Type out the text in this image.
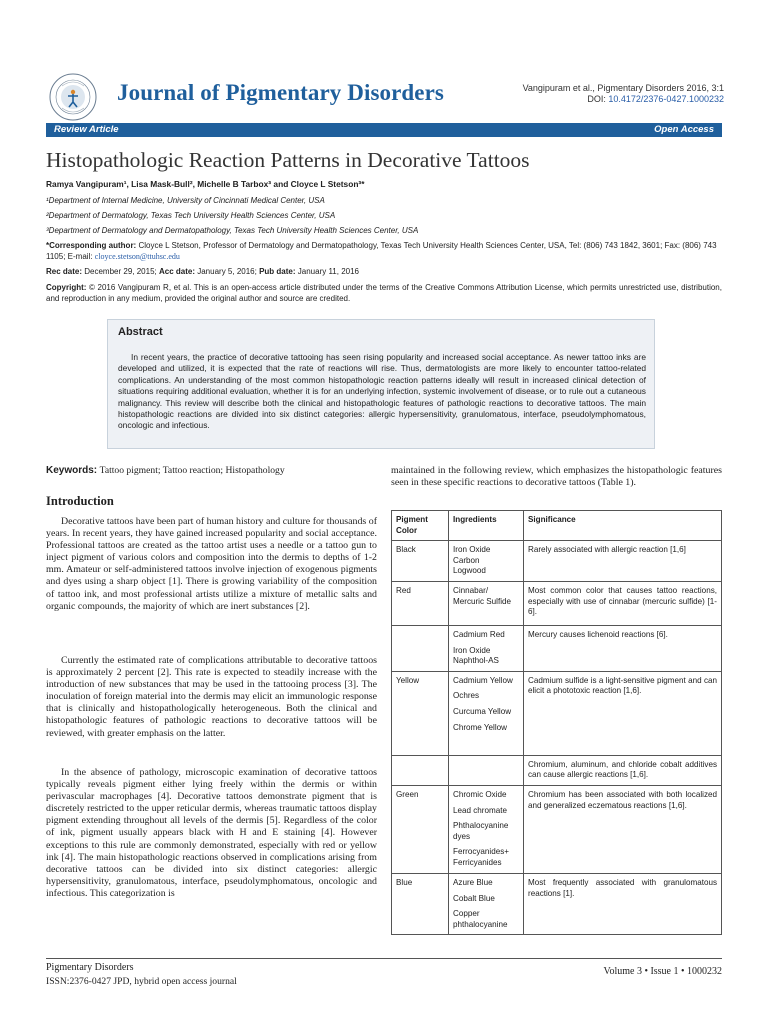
Journal of Pigmentary Disorders	Vangipuram et al., Pigmentary Disorders 2016, 3:1
DOI: 10.4172/2376-0427.1000232
Review Article	Open Access
Histopathologic Reaction Patterns in Decorative Tattoos
Ramya Vangipuram¹, Lisa Mask-Bull², Michelle B Tarbox³ and Cloyce L Stetson³*
¹Department of Internal Medicine, University of Cincinnati Medical Center, USA
²Department of Dermatology, Texas Tech University Health Sciences Center, USA
³Department of Dermatology and Dermatopathology, Texas Tech University Health Sciences Center, USA
*Corresponding author: Cloyce L Stetson, Professor of Dermatology and Dermatopathology, Texas Tech University Health Sciences Center, USA, Tel: (806) 743 1842, 3601; Fax: (806) 743 1105; E-mail: cloyce.stetson@ttuhsc.edu
Rec date: December 29, 2015; Acc date: January 5, 2016; Pub date: January 11, 2016
Copyright: © 2016 Vangipuram R, et al. This is an open-access article distributed under the terms of the Creative Commons Attribution License, which permits unrestricted use, distribution, and reproduction in any medium, provided the original author and source are credited.
Abstract
In recent years, the practice of decorative tattooing has seen rising popularity and increased social acceptance. As newer tattoo inks are developed and utilized, it is expected that the rate of reactions will rise. Thus, dermatologists are more likely to encounter tattoo-related complications. An understanding of the most common histopathologic reaction patterns ideally will result in increased clinical detection of situations requiring additional evaluation, whether it is for an underlying infection, systemic involvement of disease, or to rule out a cutaneous malignancy. This review will describe both the clinical and histopathologic features of pathologic reactions to decorative tattoos. The main histopathologic reactions are divided into six distinct categories: allergic hypersensitivity, granulomatous, interface, pseudolymphomatous, oncologic and infectious.
Keywords: Tattoo pigment; Tattoo reaction; Histopathology
Introduction
Decorative tattoos have been part of human history and culture for thousands of years. In recent years, they have gained increased popularity and social acceptance. Professional tattoos are created as the tattoo artist uses a needle or a tattoo gun to inject pigment of various colors and composition into the dermis to depths of 1-2 mm. Amateur or self-administered tattoos involve injection of exogenous pigments and dyes using a sharp object [1]. There is growing variability of the composition of tattoo ink, and most professional artists utilize a mixture of metallic salts and organic compounds, the majority of which are inert substances [2].
Currently the estimated rate of complications attributable to decorative tattoos is approximately 2 percent [2]. This rate is expected to steadily increase with the introduction of new substances that may be used in the tattooing process [3]. The inoculation of foreign material into the dermis may elicit an immunologic response that is clinically and histopathologically heterogeneous. Both the clinical and histopathologic features of pathologic reactions to decorative tattoos will be reviewed, with greater emphasis on the latter.
In the absence of pathology, microscopic examination of decorative tattoos typically reveals pigment either lying freely within the dermis or within perivascular macrophages [4]. Decorative tattoos demonstrate pigment that is discretely restricted to the upper reticular dermis, whereas traumatic tattoos display pigment extending throughout all levels of the dermis [5]. Regardless of the color of ink, pigment usually appears black with H and E staining [4]. However exceptions to this rule are commonly demonstrated, especially with red or yellow ink [4]. The main histopathologic reactions observed in complications arising from decorative tattoos can be divided into six distinct categories: allergic hypersensitivity, granulomatous, interface, pseudolymphomatous, oncologic and infectious. This categorization is
maintained in the following review, which emphasizes the histopathologic features seen in these specific reactions to decorative tattoos (Table 1).
Pigment Color	Ingredients	Significance
Black	Iron Oxide
Carbon
Logwood	Rarely associated with allergic reaction [1,6]
Red	Cinnabar/ Mercuric Sulfide	Most common color that causes tattoo reactions, especially with use of cinnabar (mercuric sulfide) [1-6].

	Cadmium Red
Iron Oxide Naphthol-AS	Mercury causes lichenoid reactions [6].
Yellow	Cadmium Yellow
Ochres
Curcuma Yellow
Chrome Yellow	Cadmium sulfide is a light-sensitive pigment and can elicit a phototoxic reaction [1,6].
		Chromium, aluminum, and chloride cobalt additives can cause allergic reactions [1,6].
Green	Chromic Oxide
Lead chromate
Phthalocyanine dyes
Ferrocyanides+ Ferricyanides	Chromium has been associated with both localized and generalized eczematous reactions [1,6].
Blue	Azure Blue
Cobalt Blue
Copper phthalocyanine	Most frequently associated with granulomatous reactions [1].
Pigmentary Disorders
ISSN:2376-0427 JPD, hybrid open access journal
Volume 3 • Issue 1 • 1000232
